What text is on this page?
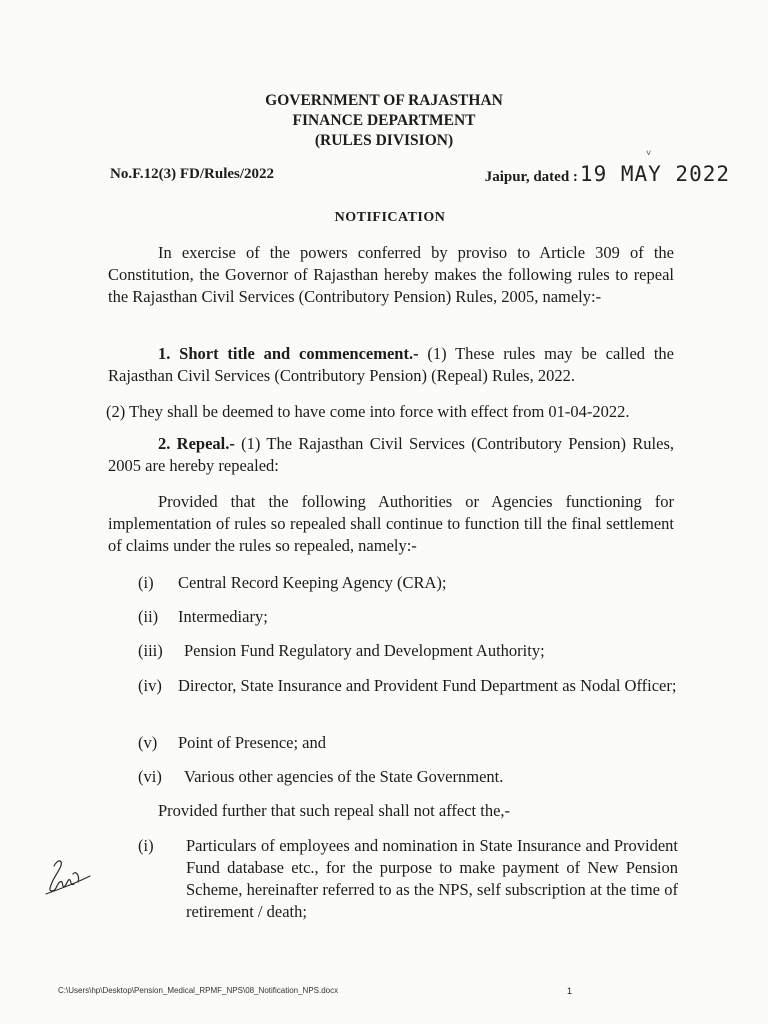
GOVERNMENT OF RAJASTHAN
FINANCE DEPARTMENT
(RULES DIVISION)
˅
No.F.12(3) FD/Rules/2022	Jaipur, dated :19 MAY 2022
NOTIFICATION
In exercise of the powers conferred by proviso to Article 309 of the Constitution, the Governor of Rajasthan hereby makes the following rules to repeal the Rajasthan Civil Services (Contributory Pension) Rules, 2005, namely:-
1. Short title and commencement.- (1) These rules may be called the Rajasthan Civil Services (Contributory Pension) (Repeal) Rules, 2022.
(2) They shall be deemed to have come into force with effect from 01-04-2022.
2. Repeal.- (1) The Rajasthan Civil Services (Contributory Pension) Rules, 2005 are hereby repealed:
Provided that the following Authorities or Agencies functioning for implementation of rules so repealed shall continue to function till the final settlement of claims under the rules so repealed, namely:-
(i)	Central Record Keeping Agency (CRA);
(ii)	Intermediary;
(iii)	Pension Fund Regulatory and Development Authority;
(iv) Director, State Insurance and Provident Fund Department as Nodal Officer;
(v)	Point of Presence; and
(vi)	Various other agencies of the State Government.
Provided further that such repeal shall not affect the,-
(i) Particulars of employees and nomination in State Insurance and Provident Fund database etc., for the purpose to make payment of New Pension Scheme, hereinafter referred to as the NPS, self subscription at the time of retirement / death;
C:\Users\hp\Desktop\Pension_Medical_RPMF_NPS\08_Notification_NPS.docx	1
